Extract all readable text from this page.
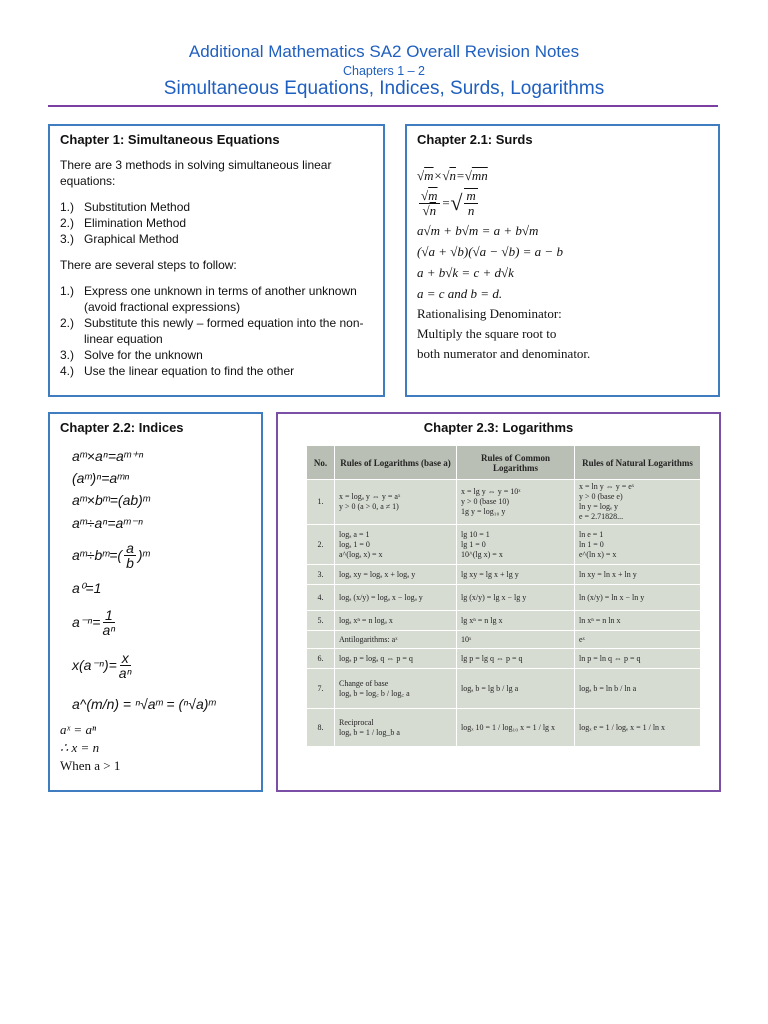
Additional Mathematics SA2 Overall Revision Notes
Chapters 1 – 2
Simultaneous Equations, Indices, Surds, Logarithms
Chapter 1: Simultaneous Equations

There are 3 methods in solving simultaneous linear equations:

1.) Substitution Method
2.) Elimination Method
3.) Graphical Method

There are several steps to follow:

1.) Express one unknown in terms of another unknown (avoid fractional expressions)
2.) Substitute this newly – formed equation into the non-linear equation
3.) Solve for the unknown
4.) Use the linear equation to find the other
Chapter 2.1: Surds
√ m × √ n = √ mn
$\frac{√m}{√n}$ = √ m
n
a√m + b√m = a + b√m
(√a + √b)(√a − √b) = a − b
a + b√k = c + d√k
a = c and b = d.
Rationalising Denominator:
Multiply the square root to
both numerator and denominator.
Chapter 2.2: Indices
aᵐ×aⁿ=aᵐ⁺ⁿ
(aᵐ)ⁿ=aᵐⁿ
aᵐ×bᵐ=(ab)ᵐ
aᵐ÷aⁿ=aᵐ⁻ⁿ
aᵐ÷bᵐ=( a
b )ᵐ
a⁰=1
$a^{-n}= \frac{1}{\text{aⁿ}}$
$x(a^{-n})= \frac{x}{\text{aⁿ}}$
a^(m/n) = ⁿ√aᵐ = (ⁿ√a)ᵐ
aˣ = aⁿ
∴ x = n
When a > 1
Chapter 2.3: Logarithms
No.	Rules of Logarithms (base a)	Rules of Common Logarithms	Rules of Natural Logarithms
1.	x = logₐ y ⇔ y = aˣ
y > 0 (a > 0, a ≠ 1)	x = lg y ⇔ y = 10ˣ
y > 0 (base 10)
1g y = log₁₀ y	x = ln y ⇔ y = eˣ
y > 0 (base e)
ln y = logₑ y
e = 2.71828...
2.	logₐ a = 1
logₐ 1 = 0
a^(logₐ x) = x	lg 10 = 1
lg 1 = 0
10^(lg x) = x	ln e = 1
ln 1 = 0
e^(ln x) = x
3.	logₐ xy = logₐ x + logₐ y	lg xy = lg x + lg y	ln xy = ln x + ln y
4.	logₐ (x/y) = logₐ x − logₐ y	lg (x/y) = lg x − lg y	ln (x/y) = ln x − ln y
5.	logₐ xⁿ = n logₐ x	lg xⁿ = n lg x	ln xⁿ = n ln x
	Antilogarithms: aˣ	10ˣ	eˣ
6.	logₐ p = logₐ q ⇔ p = q	lg p = lg q ⇔ p = q	ln p = ln q ⇔ p = q
7.	Change of base
logₐ b = log꜀ b / log꜀ a	logₐ b = lg b / lg a	logₐ b = ln b / ln a
8.	Reciprocal
logₐ b = 1 / log_b a	logₓ 10 = 1 / log₁₀ x = 1 / lg x	logₓ e = 1 / logₑ x = 1 / ln x
